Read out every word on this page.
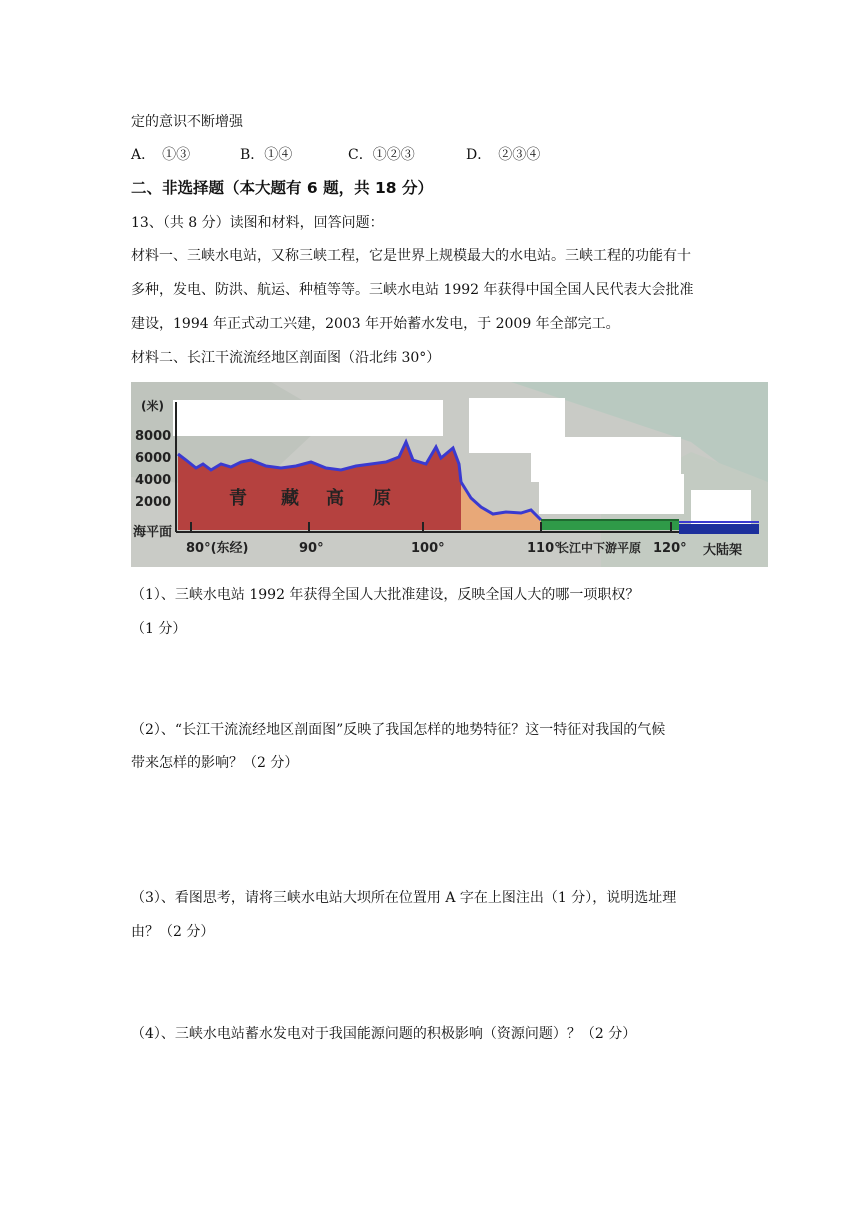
定的意识不断增强
A．　①③	B．①④	C．①②③	D．　②③④
二、非选择题（本大题有 6 题，共 18 分）
13、（共 8 分）读图和材料，回答问题：
材料一、三峡水电站，又称三峡工程，它是世界上规模最大的水电站。三峡工程的功能有十
多种，发电、防洪、航运、种植等等。三峡水电站 1992 年获得中国全国人民代表大会批准
建设，1994 年正式动工兴建，2003 年开始蓄水发电，于 2009 年全部完工。
材料二、长江干流流经地区剖面图（沿北纬 30°）
(米)
8000
6000
4000
2000
海平面
青 藏 高 原
80°(东经)	90°	100°	110°
长江中下游平原 120° 大陆架
（1）、三峡水电站 1992 年获得全国人大批准建设，反映全国人大的哪一项职权？
（1 分）
（2）、“长江干流流经地区剖面图”反映了我国怎样的地势特征？这一特征对我国的气候
带来怎样的影响？（2 分）
（3）、看图思考，请将三峡水电站大坝所在位置用 A 字在上图注出（1 分），说明选址理
由？（2 分）
（4）、三峡水电站蓄水发电对于我国能源问题的积极影响（资源问题）？（2 分）
